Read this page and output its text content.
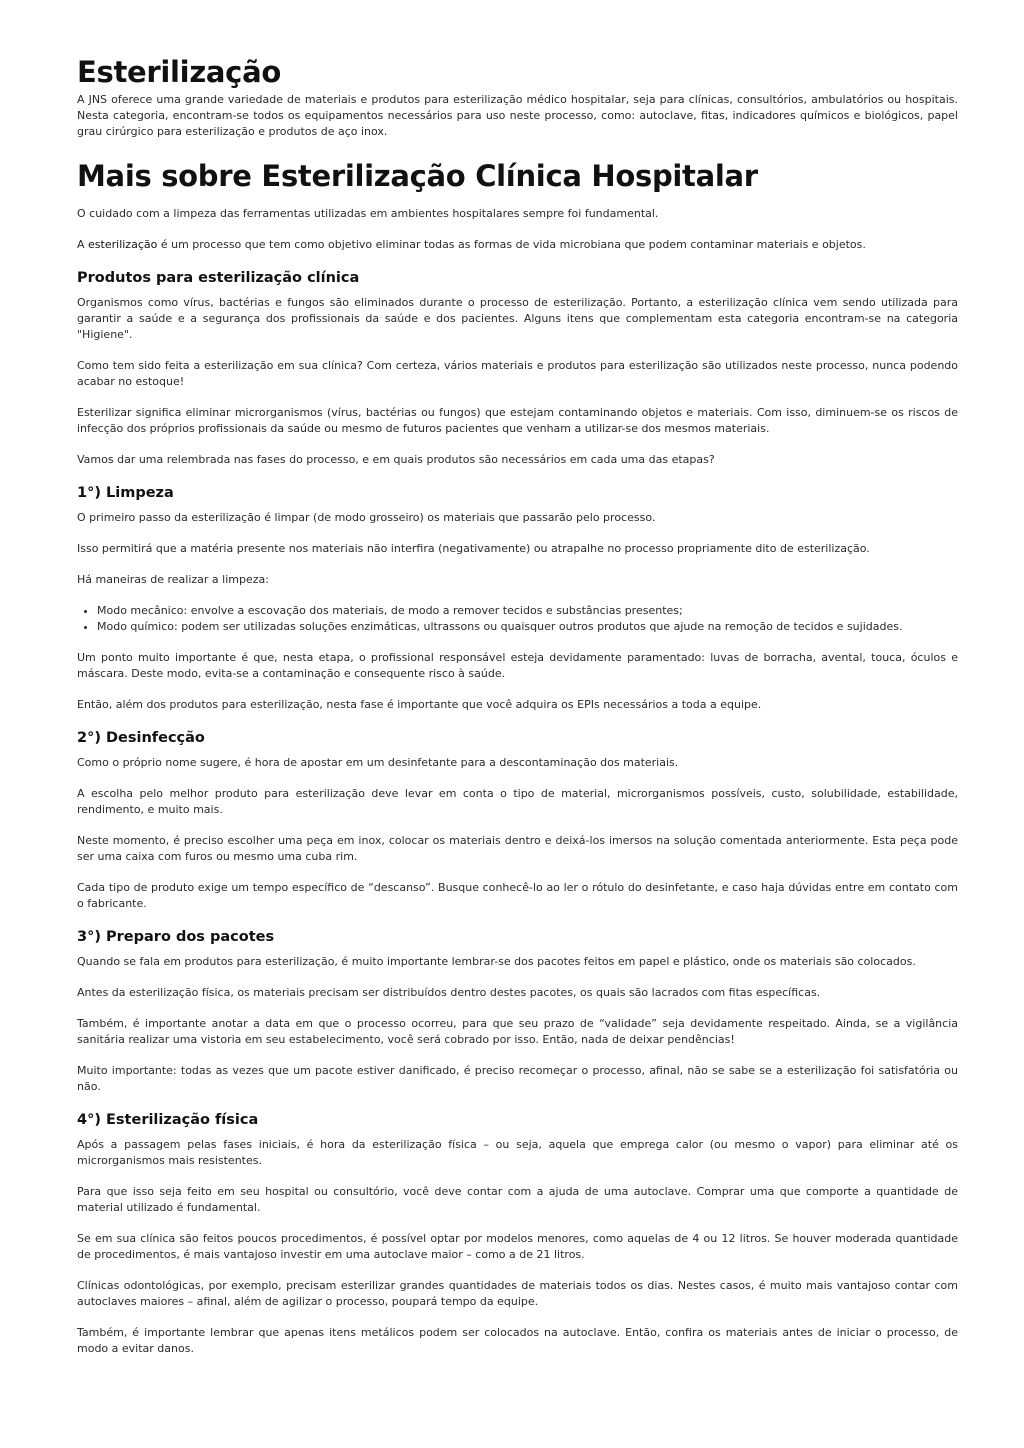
Esterilização

A JNS oferece uma grande variedade de materiais e produtos para esterilização médico hospitalar, seja para clínicas, consultórios, ambulatórios ou hospitais. Nesta categoria, encontram-se todos os equipamentos necessários para uso neste processo, como: autoclave, fitas, indicadores químicos e biológicos, papel grau cirúrgico para esterilização e produtos de aço inox.

Mais sobre Esterilização Clínica Hospitalar

O cuidado com a limpeza das ferramentas utilizadas em ambientes hospitalares sempre foi fundamental.

A esterilização é um processo que tem como objetivo eliminar todas as formas de vida microbiana que podem contaminar materiais e objetos.

Produtos para esterilização clínica

Organismos como vírus, bactérias e fungos são eliminados durante o processo de esterilização. Portanto, a esterilização clínica vem sendo utilizada para garantir a saúde e a segurança dos profissionais da saúde e dos pacientes. Alguns itens que complementam esta categoria encontram-se na categoria "Higiene".

Como tem sido feita a esterilização em sua clínica? Com certeza, vários materiais e produtos para esterilização são utilizados neste processo, nunca podendo acabar no estoque!

Esterilizar significa eliminar microrganismos (vírus, bactérias ou fungos) que estejam contaminando objetos e materiais. Com isso, diminuem-se os riscos de infecção dos próprios profissionais da saúde ou mesmo de futuros pacientes que venham a utilizar-se dos mesmos materiais.

Vamos dar uma relembrada nas fases do processo, e em quais produtos são necessários em cada uma das etapas?

1°) Limpeza

O primeiro passo da esterilização é limpar (de modo grosseiro) os materiais que passarão pelo processo.

Isso permitirá que a matéria presente nos materiais não interfira (negativamente) ou atrapalhe no processo propriamente dito de esterilização.

Há maneiras de realizar a limpeza:

• Modo mecânico: envolve a escovação dos materiais, de modo a remover tecidos e substâncias presentes;
• Modo químico: podem ser utilizadas soluções enzimáticas, ultrassons ou quaisquer outros produtos que ajude na remoção de tecidos e sujidades.

Um ponto muito importante é que, nesta etapa, o profissional responsável esteja devidamente paramentado: luvas de borracha, avental, touca, óculos e máscara. Deste modo, evita-se a contaminação e consequente risco à saúde.

Então, além dos produtos para esterilização, nesta fase é importante que você adquira os EPIs necessários a toda a equipe.

2°) Desinfecção

Como o próprio nome sugere, é hora de apostar em um desinfetante para a descontaminação dos materiais.

A escolha pelo melhor produto para esterilização deve levar em conta o tipo de material, microrganismos possíveis, custo, solubilidade, estabilidade, rendimento, e muito mais.

Neste momento, é preciso escolher uma peça em inox, colocar os materiais dentro e deixá-los imersos na solução comentada anteriormente. Esta peça pode ser uma caixa com furos ou mesmo uma cuba rim.

Cada tipo de produto exige um tempo específico de “descanso”. Busque conhecê-lo ao ler o rótulo do desinfetante, e caso haja dúvidas entre em contato com o fabricante.

3°) Preparo dos pacotes

Quando se fala em produtos para esterilização, é muito importante lembrar-se dos pacotes feitos em papel e plástico, onde os materiais são colocados.

Antes da esterilização física, os materiais precisam ser distribuídos dentro destes pacotes, os quais são lacrados com fitas específicas.

Também, é importante anotar a data em que o processo ocorreu, para que seu prazo de “validade” seja devidamente respeitado. Ainda, se a vigilância sanitária realizar uma vistoria em seu estabelecimento, você será cobrado por isso. Então, nada de deixar pendências!

Muito importante: todas as vezes que um pacote estiver danificado, é preciso recomeçar o processo, afinal, não se sabe se a esterilização foi satisfatória ou não.

4°) Esterilização física

Após a passagem pelas fases iniciais, é hora da esterilização física – ou seja, aquela que emprega calor (ou mesmo o vapor) para eliminar até os microrganismos mais resistentes.

Para que isso seja feito em seu hospital ou consultório, você deve contar com a ajuda de uma autoclave. Comprar uma que comporte a quantidade de material utilizado é fundamental.

Se em sua clínica são feitos poucos procedimentos, é possível optar por modelos menores, como aquelas de 4 ou 12 litros. Se houver moderada quantidade de procedimentos, é mais vantajoso investir em uma autoclave maior – como a de 21 litros.

Clínicas odontológicas, por exemplo, precisam esterilizar grandes quantidades de materiais todos os dias. Nestes casos, é muito mais vantajoso contar com autoclaves maiores – afinal, além de agilizar o processo, poupará tempo da equipe.

Também, é importante lembrar que apenas itens metálicos podem ser colocados na autoclave. Então, confira os materiais antes de iniciar o processo, de modo a evitar danos.
